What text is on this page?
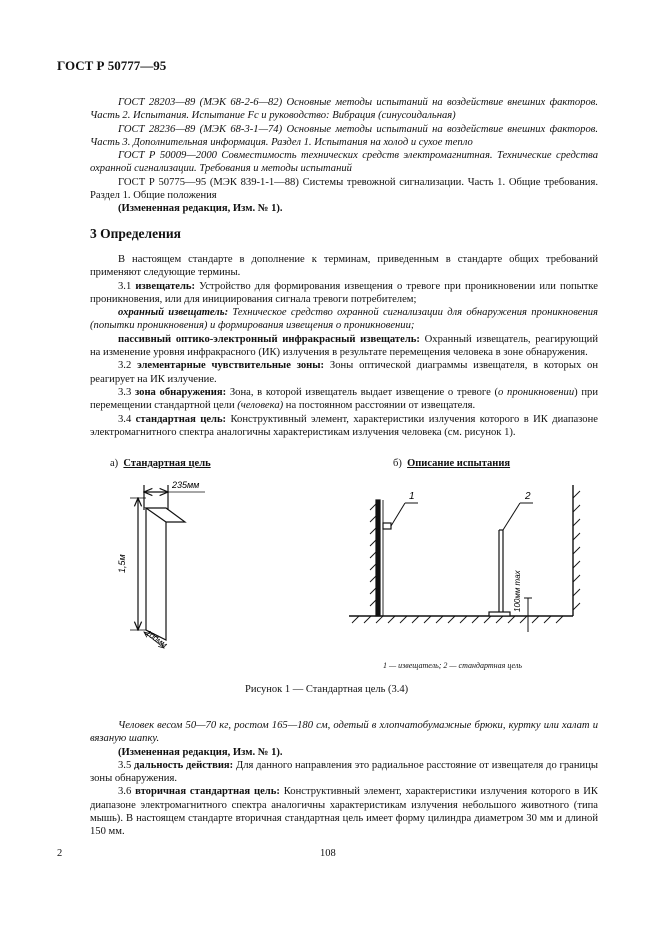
ГОСТ Р 50777—95

ГОСТ 28203—89 (МЭК 68-2-6—82) Основные методы испытаний на воздействие внешних факторов. Часть 2. Испытания. Испытание Fc и руководство: Вибрация (синусоидальная)

ГОСТ 28236—89 (МЭК 68-3-1—74) Основные методы испытаний на воздействие внешних факторов. Часть 3. Дополнительная информация. Раздел 1. Испытания на холод и сухое тепло

ГОСТ Р 50009—2000 Совместимость технических средств электромагнитная. Технические средства охранной сигнализации. Требования и методы испытаний

ГОСТ Р 50775—95 (МЭК 839-1-1—88) Системы тревожной сигнализации. Часть 1. Общие требования. Раздел 1. Общие положения

(Измененная редакция, Изм. № 1).

3 Определения

В настоящем стандарте в дополнение к терминам, приведенным в стандарте общих требований применяют следующие термины.

3.1 извещатель: Устройство для формирования извещения о тревоге при проникновении или попытке проникновения, или для инициирования сигнала тревоги потребителем;

охранный извещатель: Техническое средство охранной сигнализации для обнаружения проникновения (попытки проникновения) и формирования извещения о проникновении;

пассивный оптико-электронный инфракрасный извещатель: Охранный извещатель, реагирующий на изменение уровня инфракрасного (ИК) излучения в результате перемещения человека в зоне обнаружения.

3.2 элементарные чувствительные зоны: Зоны оптической диаграммы извещателя, в которых он реагирует на ИК излучение.

3.3 зона обнаружения: Зона, в которой извещатель выдает извещение о тревоге (о проникновении) при перемещении стандартной цели (человека) на постоянном расстоянии от извещателя.

3.4 стандартная цель: Конструктивный элемент, характеристики излучения которого в ИК диапазоне электромагнитного спектра аналогичны характеристикам излучения человека (см. рисунок 1).

а) Стандартная цель	б) Описание испытания
235мм
1,5м
100мм
1	2
100мм max
1 — извещатель; 2 — стандартная цель
Рисунок 1 — Стандартная цель (3.4)

Человек весом 50—70 кг, ростом 165—180 см, одетый в хлопчатобумажные брюки, куртку или халат и вязаную шапку.

(Измененная редакция, Изм. № 1).

3.5 дальность действия: Для данного направления это радиальное расстояние от извещателя до границы зоны обнаружения.

3.6 вторичная стандартная цель: Конструктивный элемент, характеристики излучения которого в ИК диапазоне электромагнитного спектра аналогичны характеристикам излучения небольшого животного (типа мышь). В настоящем стандарте вторичная стандартная цель имеет форму цилиндра диаметром 30 мм и длиной 150 мм.

2	108
